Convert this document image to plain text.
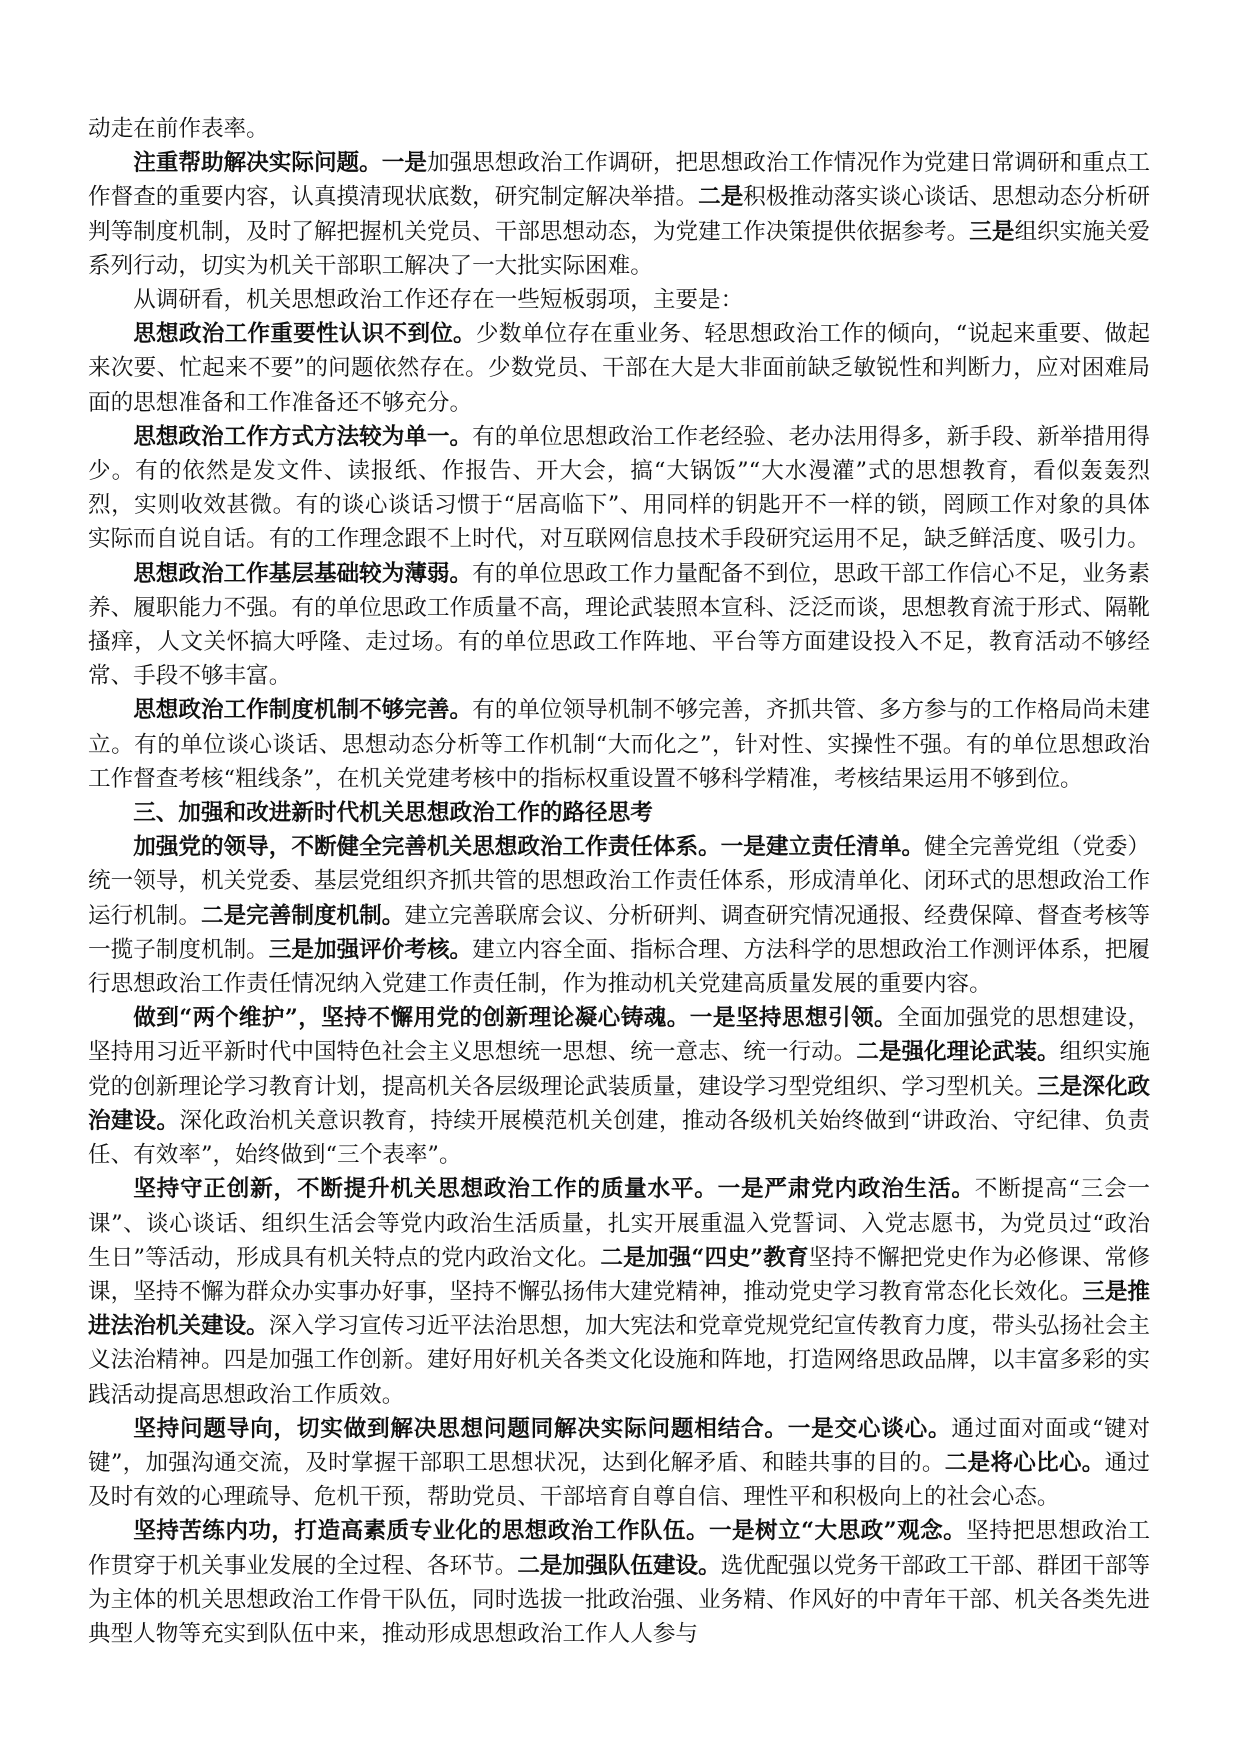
动走在前作表率。

注重帮助解决实际问题。一是加强思想政治工作调研，把思想政治工作情况作为党建日常调研和重点工作督查的重要内容，认真摸清现状底数，研究制定解决举措。二是积极推动落实谈心谈话、思想动态分析研判等制度机制，及时了解把握机关党员、干部思想动态，为党建工作决策提供依据参考。三是组织实施关爱系列行动，切实为机关干部职工解决了一大批实际困难。

从调研看，机关思想政治工作还存在一些短板弱项，主要是：

思想政治工作重要性认识不到位。少数单位存在重业务、轻思想政治工作的倾向，“说起来重要、做起来次要、忙起来不要”的问题依然存在。少数党员、干部在大是大非面前缺乏敏锐性和判断力，应对困难局面的思想准备和工作准备还不够充分。

思想政治工作方式方法较为单一。有的单位思想政治工作老经验、老办法用得多，新手段、新举措用得少。有的依然是发文件、读报纸、作报告、开大会，搞“大锅饭”“大水漫灌”式的思想教育，看似轰轰烈烈，实则收效甚微。有的谈心谈话习惯于“居高临下”、用同样的钥匙开不一样的锁，罔顾工作对象的具体实际而自说自话。有的工作理念跟不上时代，对互联网信息技术手段研究运用不足，缺乏鲜活度、吸引力。

思想政治工作基层基础较为薄弱。有的单位思政工作力量配备不到位，思政干部工作信心不足，业务素养、履职能力不强。有的单位思政工作质量不高，理论武装照本宣科、泛泛而谈，思想教育流于形式、隔靴搔痒，人文关怀搞大呼隆、走过场。有的单位思政工作阵地、平台等方面建设投入不足，教育活动不够经常、手段不够丰富。

思想政治工作制度机制不够完善。有的单位领导机制不够完善，齐抓共管、多方参与的工作格局尚未建立。有的单位谈心谈话、思想动态分析等工作机制“大而化之”，针对性、实操性不强。有的单位思想政治工作督查考核“粗线条”，在机关党建考核中的指标权重设置不够科学精准，考核结果运用不够到位。

三、加强和改进新时代机关思想政治工作的路径思考

加强党的领导，不断健全完善机关思想政治工作责任体系。一是建立责任清单。健全完善党组（党委）统一领导，机关党委、基层党组织齐抓共管的思想政治工作责任体系，形成清单化、闭环式的思想政治工作运行机制。二是完善制度机制。建立完善联席会议、分析研判、调查研究情况通报、经费保障、督查考核等一揽子制度机制。三是加强评价考核。建立内容全面、指标合理、方法科学的思想政治工作测评体系，把履行思想政治工作责任情况纳入党建工作责任制，作为推动机关党建高质量发展的重要内容。

做到“两个维护”，坚持不懈用党的创新理论凝心铸魂。一是坚持思想引领。全面加强党的思想建设，坚持用习近平新时代中国特色社会主义思想统一思想、统一意志、统一行动。二是强化理论武装。组织实施党的创新理论学习教育计划，提高机关各层级理论武装质量，建设学习型党组织、学习型机关。三是深化政治建设。深化政治机关意识教育，持续开展模范机关创建，推动各级机关始终做到“讲政治、守纪律、负责任、有效率”，始终做到“三个表率”。

坚持守正创新，不断提升机关思想政治工作的质量水平。一是严肃党内政治生活。不断提高“三会一课”、谈心谈话、组织生活会等党内政治生活质量，扎实开展重温入党誓词、入党志愿书，为党员过“政治生日”等活动，形成具有机关特点的党内政治文化。二是加强“四史”教育坚持不懈把党史作为必修课、常修课，坚持不懈为群众办实事办好事，坚持不懈弘扬伟大建党精神，推动党史学习教育常态化长效化。三是推进法治机关建设。深入学习宣传习近平法治思想，加大宪法和党章党规党纪宣传教育力度，带头弘扬社会主义法治精神。四是加强工作创新。建好用好机关各类文化设施和阵地，打造网络思政品牌，以丰富多彩的实践活动提高思想政治工作质效。

坚持问题导向，切实做到解决思想问题同解决实际问题相结合。一是交心谈心。通过面对面或“键对键”，加强沟通交流，及时掌握干部职工思想状况，达到化解矛盾、和睦共事的目的。二是将心比心。通过及时有效的心理疏导、危机干预，帮助党员、干部培育自尊自信、理性平和积极向上的社会心态。

坚持苦练内功，打造高素质专业化的思想政治工作队伍。一是树立“大思政”观念。坚持把思想政治工作贯穿于机关事业发展的全过程、各环节。二是加强队伍建设。选优配强以党务干部政工干部、群团干部等为主体的机关思想政治工作骨干队伍，同时选拔一批政治强、业务精、作风好的中青年干部、机关各类先进典型人物等充实到队伍中来，推动形成思想政治工作人人参与
